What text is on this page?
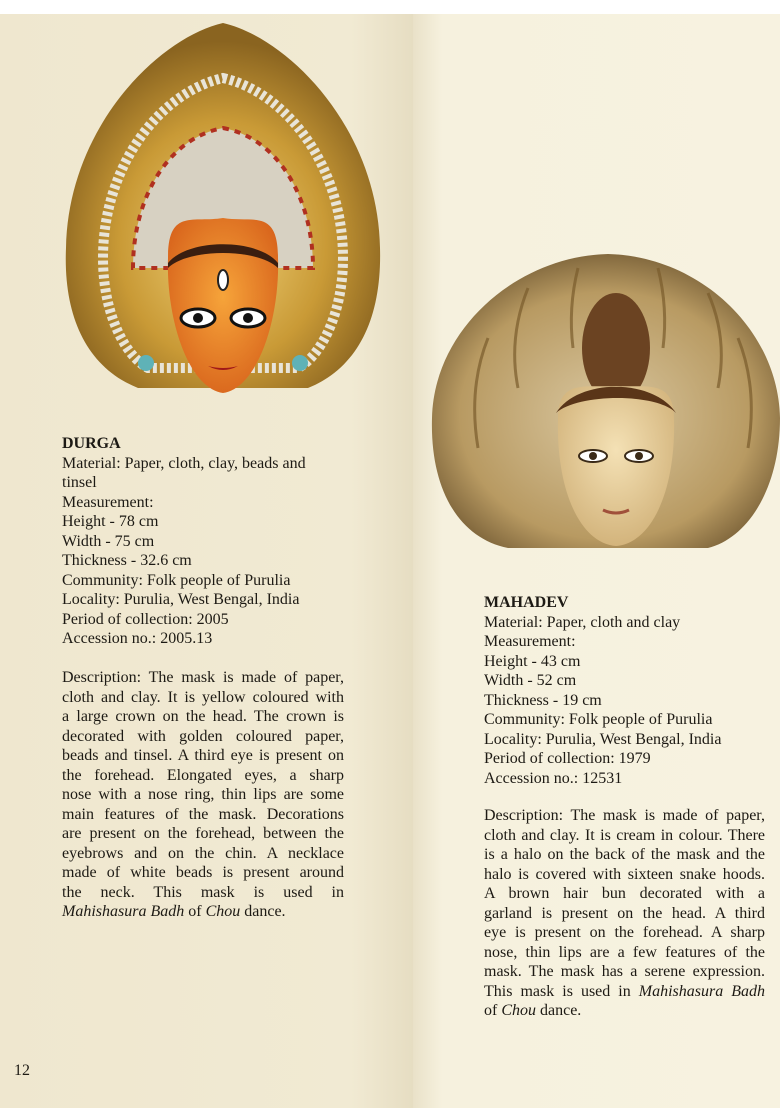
DURGA
Material: Paper, cloth, clay, beads and
tinsel
Measurement:
Height - 78 cm
Width - 75 cm
Thickness - 32.6 cm
Community: Folk people of Purulia
Locality: Purulia, West Bengal, India
Period of collection: 2005
Accession no.: 2005.13
Description: The mask is made of paper,
cloth and clay. It is yellow coloured with
a large crown on the head. The crown is
decorated with golden coloured paper,
beads and tinsel. A third eye is present on
the forehead. Elongated eyes, a sharp
nose with a nose ring, thin lips are some
main features of the mask. Decorations
are present on the forehead, between the
eyebrows and on the chin. A necklace
made of white beads is present around
the neck. This mask is used in
Mahishasura Badh of Chou dance.
MAHADEV
Material: Paper, cloth and clay
Measurement:
Height - 43 cm
Width - 52 cm
Thickness - 19 cm
Community: Folk people of Purulia
Locality: Purulia, West Bengal, India
Period of collection: 1979
Accession no.: 12531
Description: The mask is made of paper,
cloth and clay. It is cream in colour. There
is a halo on the back of the mask and the
halo is covered with sixteen snake hoods.
A brown hair bun decorated with a
garland is present on the head. A third
eye is present on the forehead. A sharp
nose, thin lips are a few features of the
mask. The mask has a serene expression.
This mask is used in Mahishasura Badh
of Chou dance.
12
